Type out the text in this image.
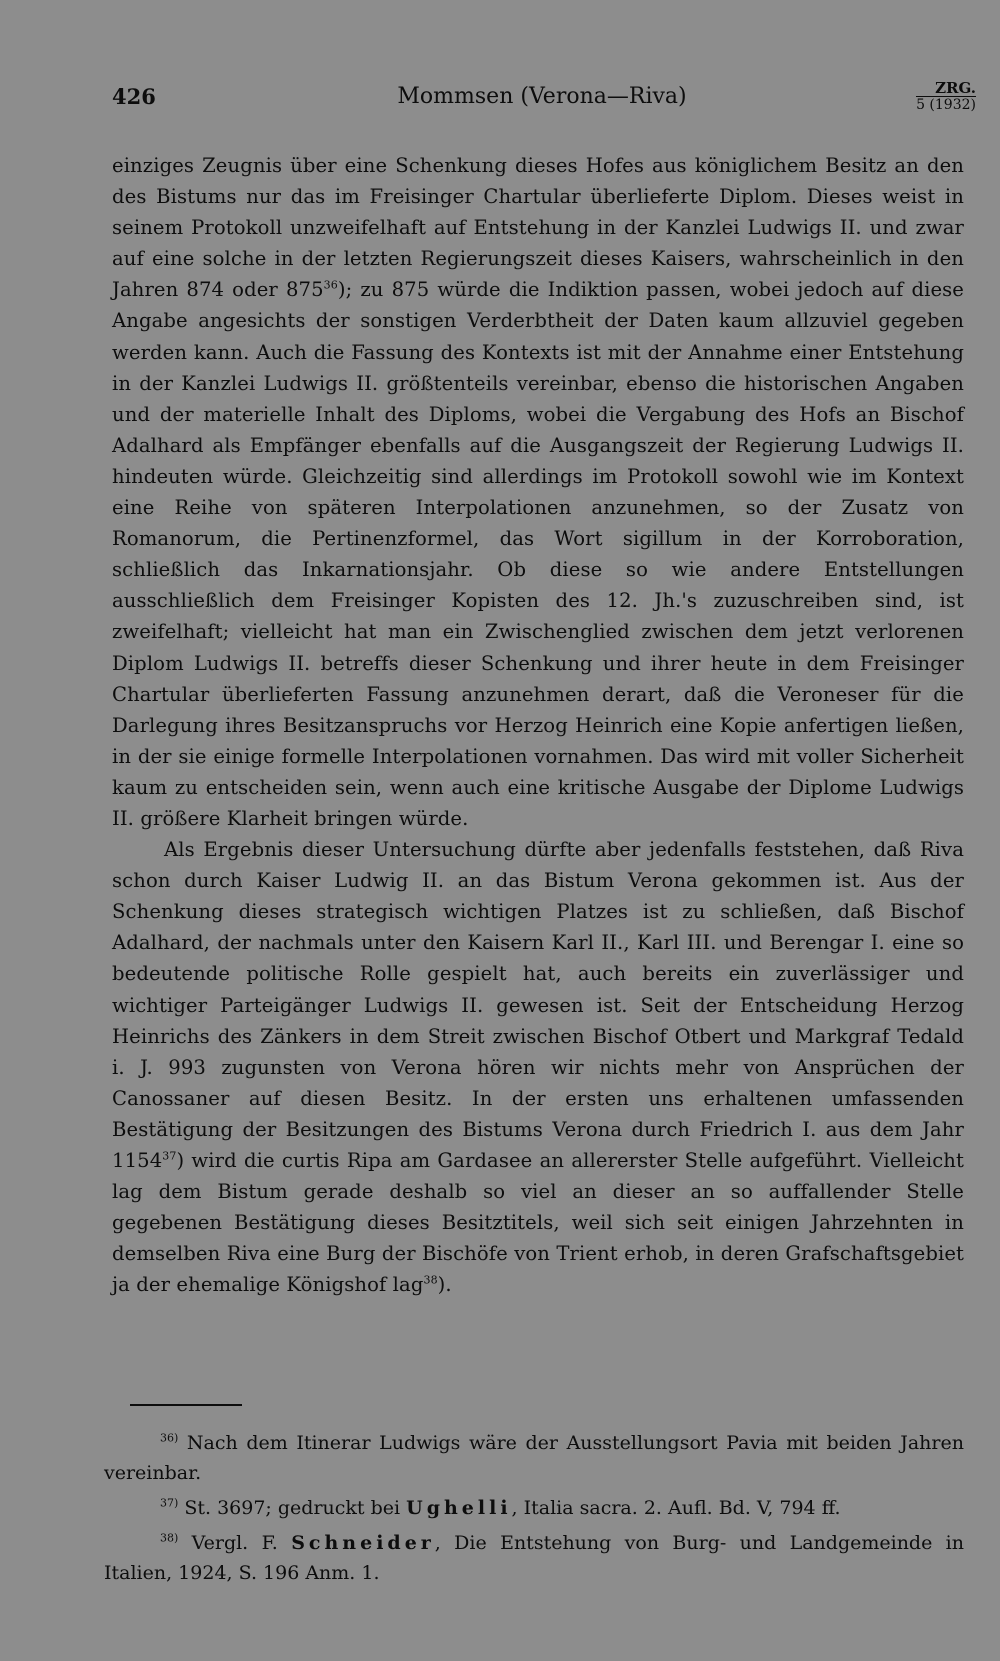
426	Mommsen (Verona—Riva)	ZRG.
5 (1932)

einziges Zeugnis über eine Schenkung dieses Hofes aus königlichem Besitz an den des Bistums nur das im Freisinger Chartular überlieferte Diplom. Dieses weist in seinem Protokoll unzweifelhaft auf Entstehung in der Kanzlei Ludwigs II. und zwar auf eine solche in der letzten Regierungszeit dieses Kaisers, wahrscheinlich in den Jahren 874 oder $875^{36}$); zu 875 würde die Indiktion passen, wobei jedoch auf diese Angabe angesichts der sonstigen Verderbtheit der Daten kaum allzuviel gegeben werden kann. Auch die Fassung des Kontexts ist mit der Annahme einer Entstehung in der Kanzlei Ludwigs II. größtenteils vereinbar, ebenso die historischen Angaben und der materielle Inhalt des Diploms, wobei die Vergabung des Hofs an Bischof Adalhard als Empfänger ebenfalls auf die Ausgangszeit der Regierung Ludwigs II. hindeuten würde. Gleichzeitig sind allerdings im Protokoll sowohl wie im Kontext eine Reihe von späteren Interpolationen anzunehmen, so der Zusatz von Romanorum, die Pertinenzformel, das Wort sigillum in der Korroboration, schließlich das Inkarnationsjahr. Ob diese so wie andere Entstellungen ausschließlich dem Freisinger Kopisten des 12. Jh.'s zuzuschreiben sind, ist zweifelhaft; vielleicht hat man ein Zwischenglied zwischen dem jetzt verlorenen Diplom Ludwigs II. betreffs dieser Schenkung und ihrer heute in dem Freisinger Chartular überlieferten Fassung anzunehmen derart, daß die Veroneser für die Darlegung ihres Besitzanspruchs vor Herzog Heinrich eine Kopie anfertigen ließen, in der sie einige formelle Interpolationen vornahmen. Das wird mit voller Sicherheit kaum zu entscheiden sein, wenn auch eine kritische Ausgabe der Diplome Ludwigs II. größere Klarheit bringen würde.

Als Ergebnis dieser Untersuchung dürfte aber jedenfalls feststehen, daß Riva schon durch Kaiser Ludwig II. an das Bistum Verona gekommen ist. Aus der Schenkung dieses strategisch wichtigen Platzes ist zu schließen, daß Bischof Adalhard, der nachmals unter den Kaisern Karl II., Karl III. und Berengar I. eine so bedeutende politische Rolle gespielt hat, auch bereits ein zuverlässiger und wichtiger Parteigänger Ludwigs II. gewesen ist. Seit der Entscheidung Herzog Heinrichs des Zänkers in dem Streit zwischen Bischof Otbert und Markgraf Tedald i. J. 993 zugunsten von Verona hören wir nichts mehr von Ansprüchen der Canossaner auf diesen Besitz. In der ersten uns erhaltenen umfassenden Bestätigung der Besitzungen des Bistums Verona durch Friedrich I. aus dem Jahr 1154$^{37}$) wird die curtis Ripa am Gardasee an allererster Stelle aufgeführt. Vielleicht lag dem Bistum gerade deshalb so viel an dieser an so auffallender Stelle gegebenen Bestätigung dieses Besitztitels, weil sich seit einigen Jahrzehnten in demselben Riva eine Burg der Bischöfe von Trient erhob, in deren Grafschaftsgebiet ja der ehemalige Königshof lag$^{38}$).

$^{36)}$ Nach dem Itinerar Ludwigs wäre der Ausstellungsort Pavia mit beiden Jahren vereinbar.

$^{37)}$ St. 3697; gedruckt bei Ughelli, Italia sacra. 2. Aufl. Bd. V, 794 ff.

$^{38)}$ Vergl. F. Schneider, Die Entstehung von Burg- und Landgemeinde in Italien, 1924, S. 196 Anm. 1.
